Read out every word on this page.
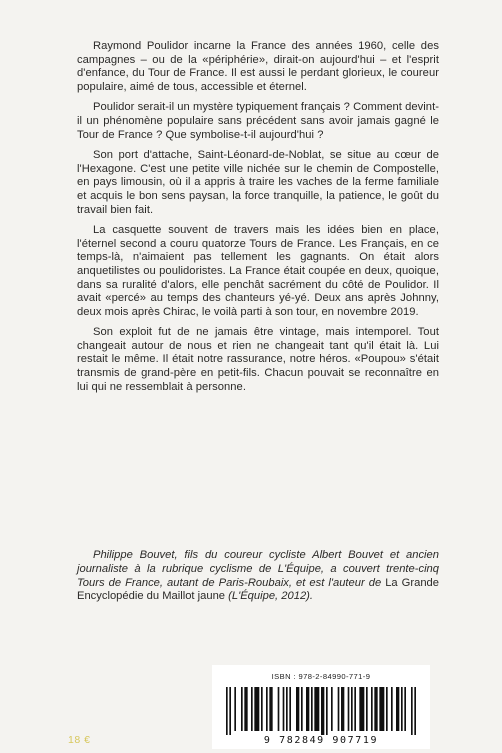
Raymond Poulidor incarne la France des années 1960, celle des campagnes – ou de la «périphérie», dirait-on aujourd'hui – et l'esprit d'enfance, du Tour de France. Il est aussi le perdant glorieux, le coureur populaire, aimé de tous, accessible et éternel.

Poulidor serait-il un mystère typiquement français ? Comment devint-il un phénomène populaire sans précédent sans avoir jamais gagné le Tour de France ? Que symbolise-t-il aujourd'hui ?

Son port d'attache, Saint-Léonard-de-Noblat, se situe au cœur de l'Hexagone. C'est une petite ville nichée sur le chemin de Compostelle, en pays limousin, où il a appris à traire les vaches de la ferme familiale et acquis le bon sens paysan, la force tranquille, la patience, le goût du travail bien fait.

La casquette souvent de travers mais les idées bien en place, l'éternel second a couru quatorze Tours de France. Les Français, en ce temps-là, n'aimaient pas tellement les gagnants. On était alors anquetilistes ou poulidoristes. La France était coupée en deux, quoique, dans sa ruralité d'alors, elle penchât sacrément du côté de Poulidor. Il avait «percé» au temps des chanteurs yé-yé. Deux ans après Johnny, deux mois après Chirac, le voilà parti à son tour, en novembre 2019.

Son exploit fut de ne jamais être vintage, mais intemporel. Tout changeait autour de nous et rien ne changeait tant qu'il était là. Lui restait le même. Il était notre rassurance, notre héros. «Poupou» s'était transmis de grand-père en petit-fils. Chacun pouvait se reconnaître en lui qui ne ressemblait à personne.

Philippe Bouvet, fils du coureur cycliste Albert Bouvet et ancien journaliste à la rubrique cyclisme de L'Équipe, a couvert trente-cinq Tours de France, autant de Paris-Roubaix, et est l'auteur de La Grande Encyclopédie du Maillot jaune (L'Équipe, 2012).
ISBN : 978-2-84990-771-9
9 782849 907719
18 €
